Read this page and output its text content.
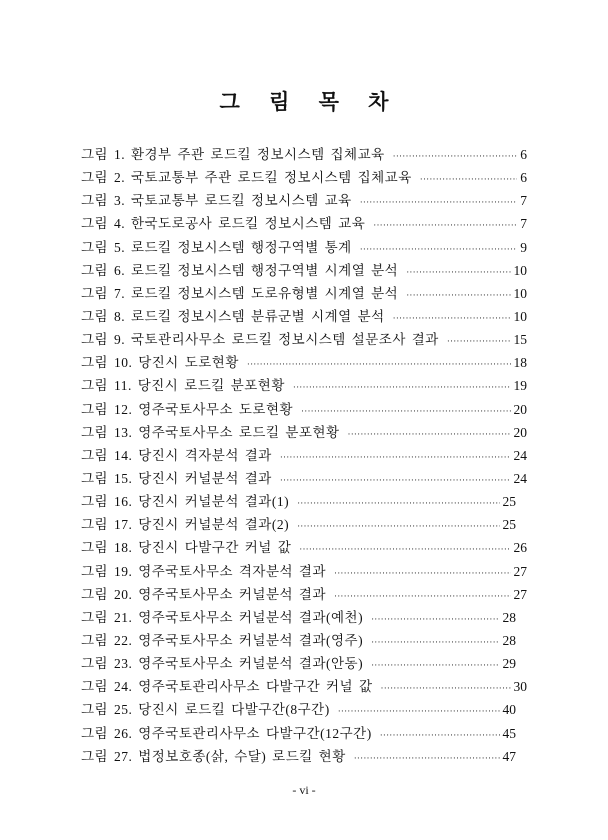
그 림 목 차
그림 1. 환경부 주관 로드킬 정보시스템 집체교육 ·····	6
그림 2. 국토교통부 주관 로드킬 정보시스템 집체교육 ·····	6
그림 3. 국토교통부 로드킬 정보시스템 교육 ·····	7
그림 4. 한국도로공사 로드킬 정보시스템 교육 ·····	7
그림 5. 로드킬 정보시스템 행정구역별 통계 ·····	9
그림 6. 로드킬 정보시스템 행정구역별 시계열 분석 ·····	10
그림 7. 로드킬 정보시스템 도로유형별 시계열 분석 ·····	10
그림 8. 로드킬 정보시스템 분류군별 시계열 분석 ·····	10
그림 9. 국토관리사무소 로드킬 정보시스템 설문조사 결과 ·····	15
그림 10. 당진시 도로현황 ·····	18
그림 11. 당진시 로드킬 분포현황 ·····	19
그림 12. 영주국토사무소 도로현황 ·····	20
그림 13. 영주국토사무소 로드킬 분포현황 ·····	20
그림 14. 당진시 격자분석 결과 ·····	24
그림 15. 당진시 커널분석 결과 ·····	24
그림 16. 당진시 커널분석 결과(1) ·····	25
그림 17. 당진시 커널분석 결과(2) ·····	25
그림 18. 당진시 다발구간 커널 값 ·····	26
그림 19. 영주국토사무소 격자분석 결과 ·····	27
그림 20. 영주국토사무소 커널분석 결과 ·····	27
그림 21. 영주국토사무소 커널분석 결과(예천) ·····	28
그림 22. 영주국토사무소 커널분석 결과(영주) ·····	28
그림 23. 영주국토사무소 커널분석 결과(안동) ·····	29
그림 24. 영주국토관리사무소 다발구간 커널 값 ·····	30
그림 25. 당진시 로드킬 다발구간(8구간) ·····	40
그림 26. 영주국토관리사무소 다발구간(12구간) ·····	45
그림 27. 법정보호종(삵, 수달) 로드킬 현황 ·····	47
- vi -
